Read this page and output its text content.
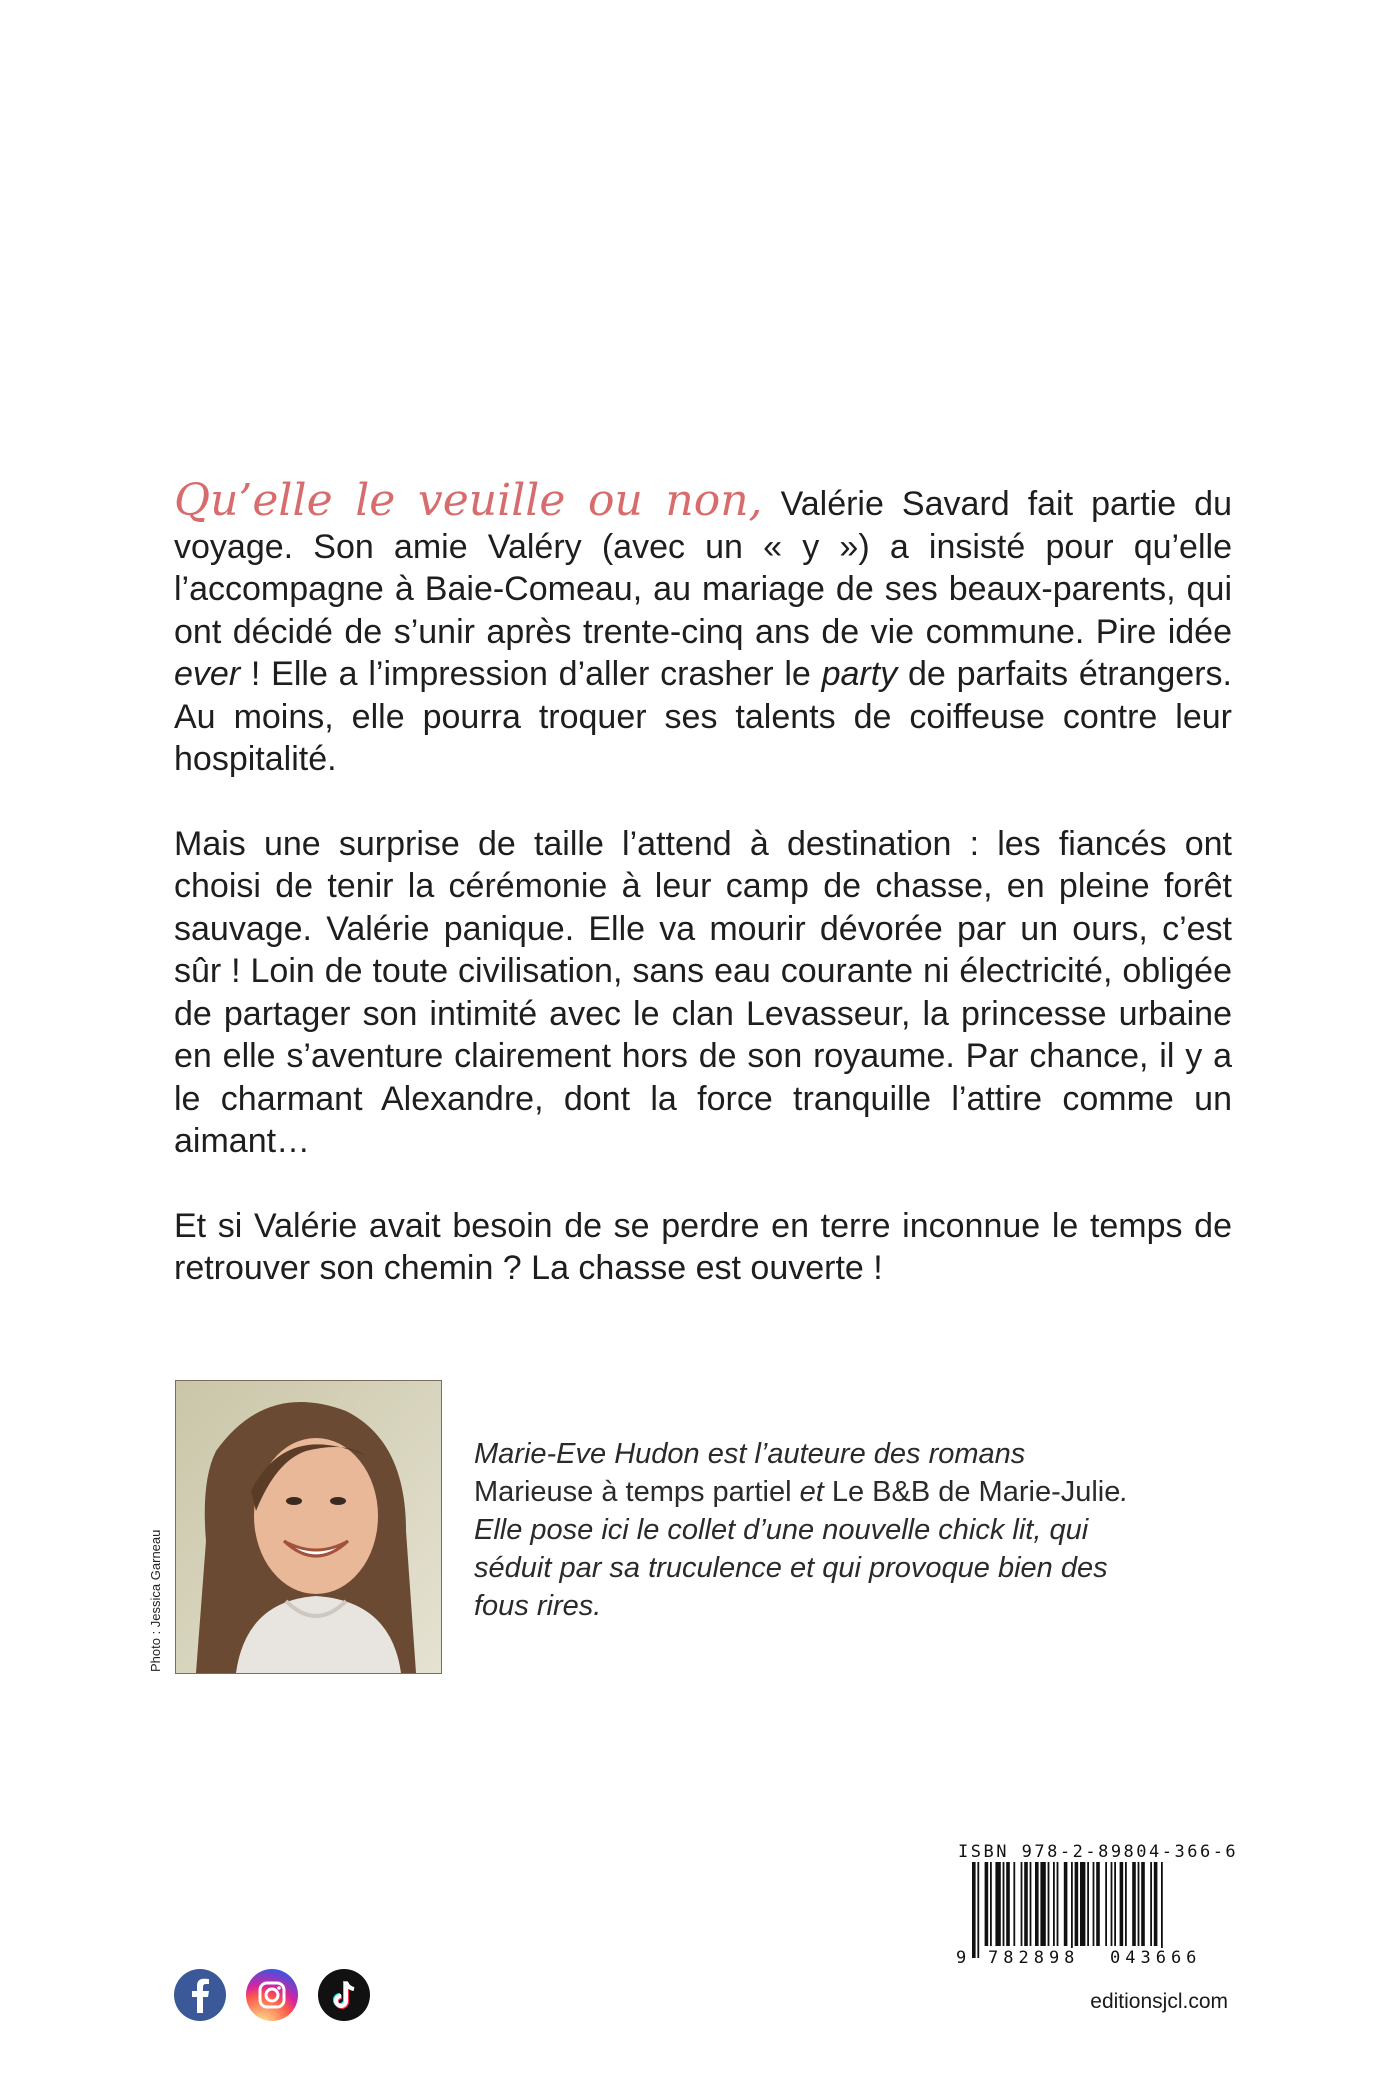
Qu’elle le veuille ou non, Valérie Savard fait partie du voyage. Son amie Valéry (avec un « y ») a insisté pour qu’elle l’accompagne à Baie-Comeau, au mariage de ses beaux-parents, qui ont décidé de s’unir après trente-cinq ans de vie commune. Pire idée ever ! Elle a l’impression d’aller crasher le party de parfaits étrangers. Au moins, elle pourra troquer ses talents de coiffeuse contre leur hospitalité.

Mais une surprise de taille l’attend à destination : les fiancés ont choisi de tenir la cérémonie à leur camp de chasse, en pleine forêt sauvage. Valérie panique. Elle va mourir dévorée par un ours, c’est sûr ! Loin de toute civilisation, sans eau courante ni électricité, obligée de partager son intimité avec le clan Levasseur, la princesse urbaine en elle s’aventure clairement hors de son royaume. Par chance, il y a le charmant Alexandre, dont la force tranquille l’attire comme un aimant…

Et si Valérie avait besoin de se perdre en terre inconnue le temps de retrouver son chemin ? La chasse est ouverte !

Photo : Jessica Garneau
Marie-Eve Hudon est l’auteure des romans Marieuse à temps partiel et Le B&B de Marie-Julie. Elle pose ici le collet d’une nouvelle chick lit, qui séduit par sa truculence et qui provoque bien des fous rires.
ISBN 978-2-89804-366-6
9 782898 043666
editionsjcl.com
